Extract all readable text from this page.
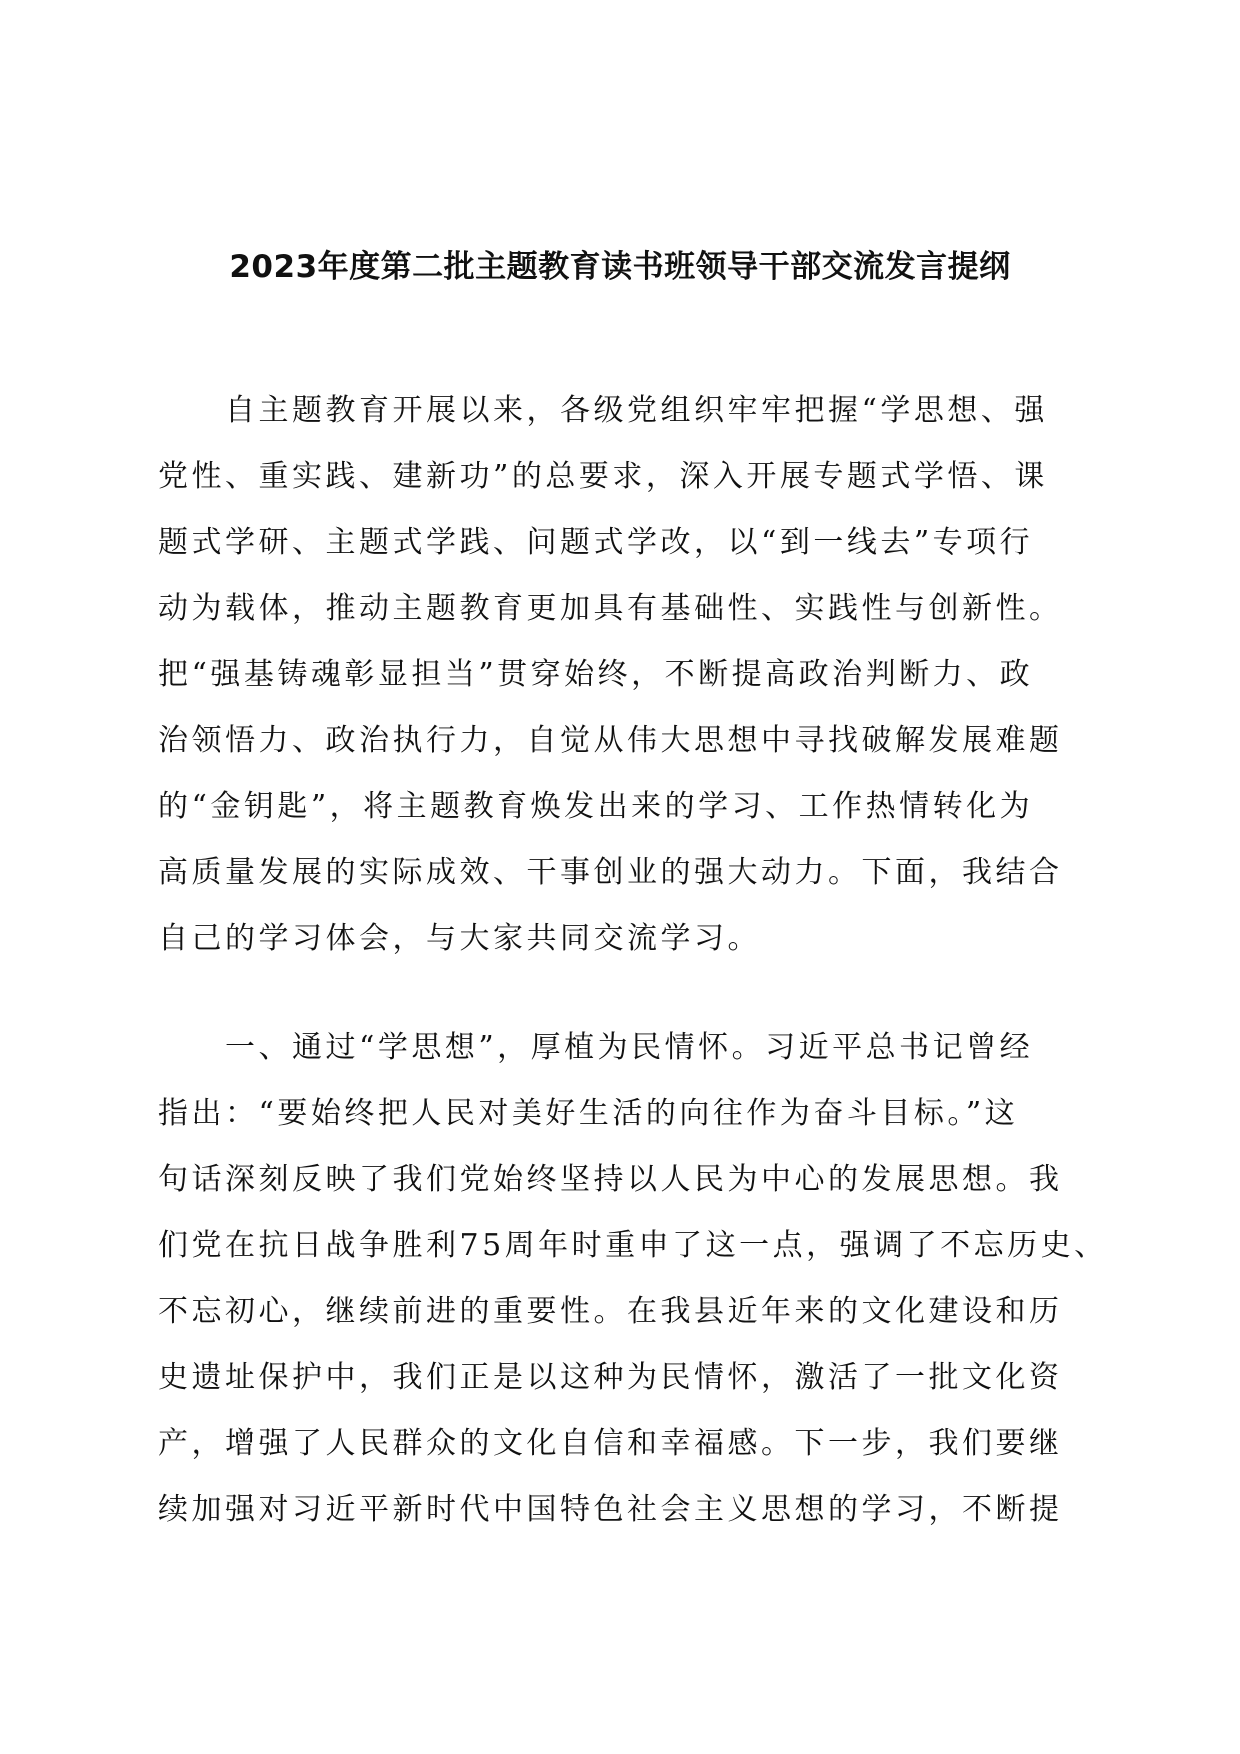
2023年度第二批主题教育读书班领导干部交流发言提纲
　　自主题教育开展以来，各级党组织牢牢把握“学思想、强
党性、重实践、建新功”的总要求，深入开展专题式学悟、课
题式学研、主题式学践、问题式学改，以“到一线去”专项行
动为载体，推动主题教育更加具有基础性、实践性与创新性。
把“强基铸魂彰显担当”贯穿始终，不断提高政治判断力、政
治领悟力、政治执行力，自觉从伟大思想中寻找破解发展难题
的“金钥匙”，将主题教育焕发出来的学习、工作热情转化为
高质量发展的实际成效、干事创业的强大动力。下面，我结合
自己的学习体会，与大家共同交流学习。
　　一、通过“学思想”，厚植为民情怀。习近平总书记曾经
指出：“要始终把人民对美好生活的向往作为奋斗目标。”这
句话深刻反映了我们党始终坚持以人民为中心的发展思想。我
们党在抗日战争胜利75周年时重申了这一点，强调了不忘历史、
不忘初心，继续前进的重要性。在我县近年来的文化建设和历
史遗址保护中，我们正是以这种为民情怀，激活了一批文化资
产，增强了人民群众的文化自信和幸福感。下一步，我们要继
续加强对习近平新时代中国特色社会主义思想的学习，不断提
